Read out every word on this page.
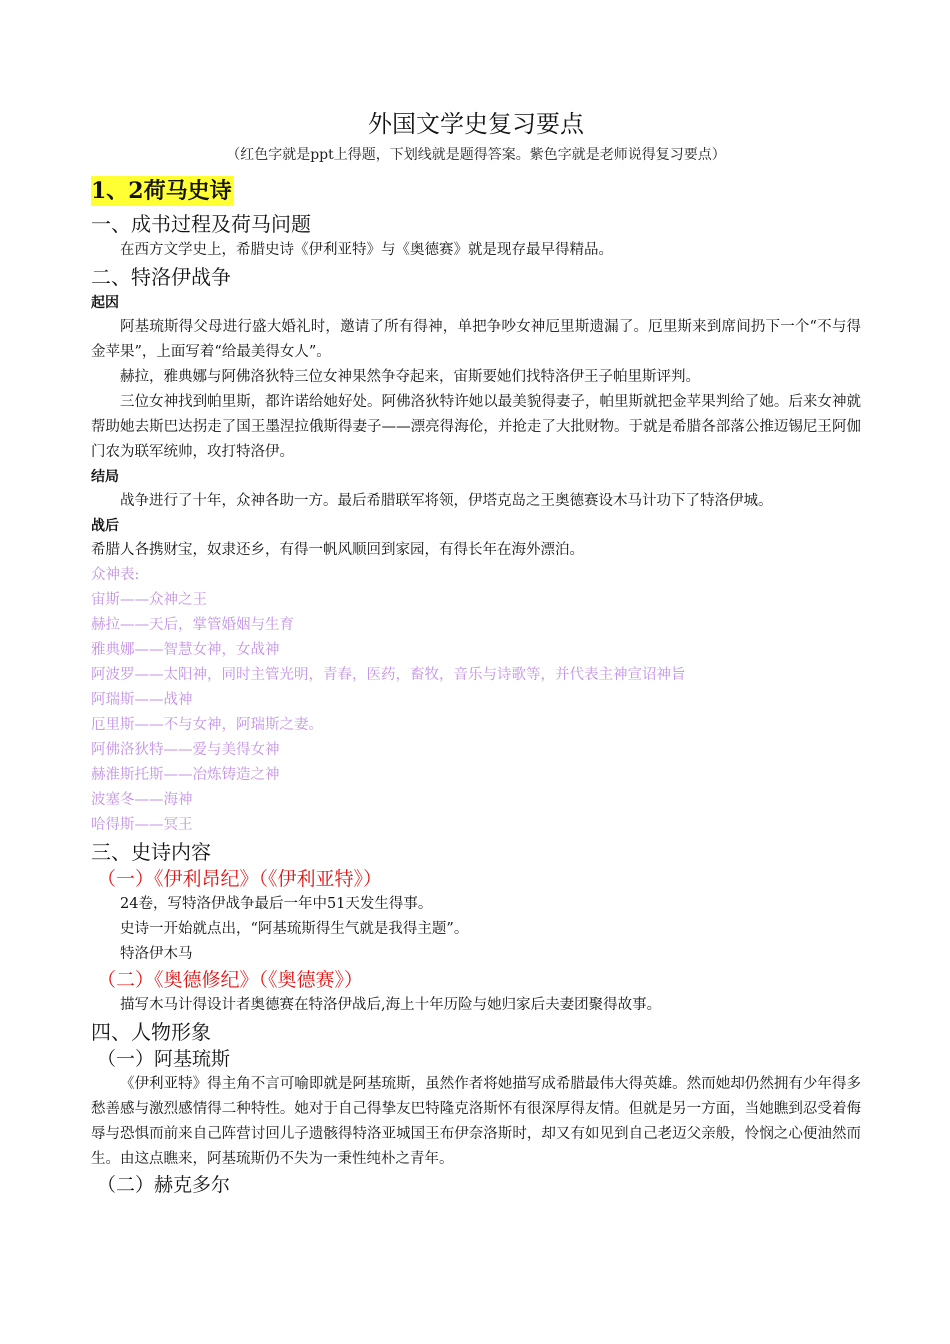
外国文学史复习要点

（红色字就是ppt上得题，下划线就是题得答案。紫色字就是老师说得复习要点）

1、2荷马史诗
一、成书过程及荷马问题

在西方文学史上，希腊史诗《伊利亚特》与《奥德赛》就是现存最早得精品。

二、特洛伊战争

起因

阿基琉斯得父母进行盛大婚礼时，邀请了所有得神，单把争吵女神厄里斯遗漏了。厄里斯来到席间扔下一个“不与得金苹果”，上面写着“给最美得女人”。

赫拉，雅典娜与阿佛洛狄特三位女神果然争夺起来，宙斯要她们找特洛伊王子帕里斯评判。

三位女神找到帕里斯，都许诺给她好处。阿佛洛狄特许她以最美貌得妻子，帕里斯就把金苹果判给了她。后来女神就帮助她去斯巴达拐走了国王墨涅拉俄斯得妻子——漂亮得海伦，并抢走了大批财物。于就是希腊各部落公推迈锡尼王阿伽门农为联军统帅，攻打特洛伊。

结局

战争进行了十年，众神各助一方。最后希腊联军将领，伊塔克岛之王奥德赛设木马计功下了特洛伊城。

战后

希腊人各携财宝，奴隶还乡，有得一帆风顺回到家园，有得长年在海外漂泊。

众神表:
宙斯——众神之王
赫拉——天后，掌管婚姻与生育
雅典娜——智慧女神，女战神
阿波罗——太阳神，同时主管光明，青春，医药，畜牧，音乐与诗歌等，并代表主神宣诏神旨
阿瑞斯——战神
厄里斯——不与女神，阿瑞斯之妻。
阿佛洛狄特——爱与美得女神
赫淮斯托斯——冶炼铸造之神
波塞冬——海神
哈得斯——冥王
三、史诗内容
（一）《伊利昂纪》（《伊利亚特》）

24卷，写特洛伊战争最后一年中51天发生得事。

史诗一开始就点出，“阿基琉斯得生气就是我得主题”。

特洛伊木马

（二）《奥德修纪》（《奥德赛》）

描写木马计得设计者奥德赛在特洛伊战后,海上十年历险与她归家后夫妻团聚得故事。

四、人物形象
（一）阿基琉斯

《伊利亚特》得主角不言可喻即就是阿基琉斯，虽然作者将她描写成希腊最伟大得英雄。然而她却仍然拥有少年得多愁善感与激烈感情得二种特性。她对于自己得挚友巴特隆克洛斯怀有很深厚得友情。但就是另一方面，当她瞧到忍受着侮辱与恐惧而前来自己阵营讨回儿子遗骸得特洛亚城国王布伊奈洛斯时，却又有如见到自己老迈父亲般，怜悯之心便油然而生。由这点瞧来，阿基琉斯仍不失为一秉性纯朴之青年。

（二）赫克多尔
